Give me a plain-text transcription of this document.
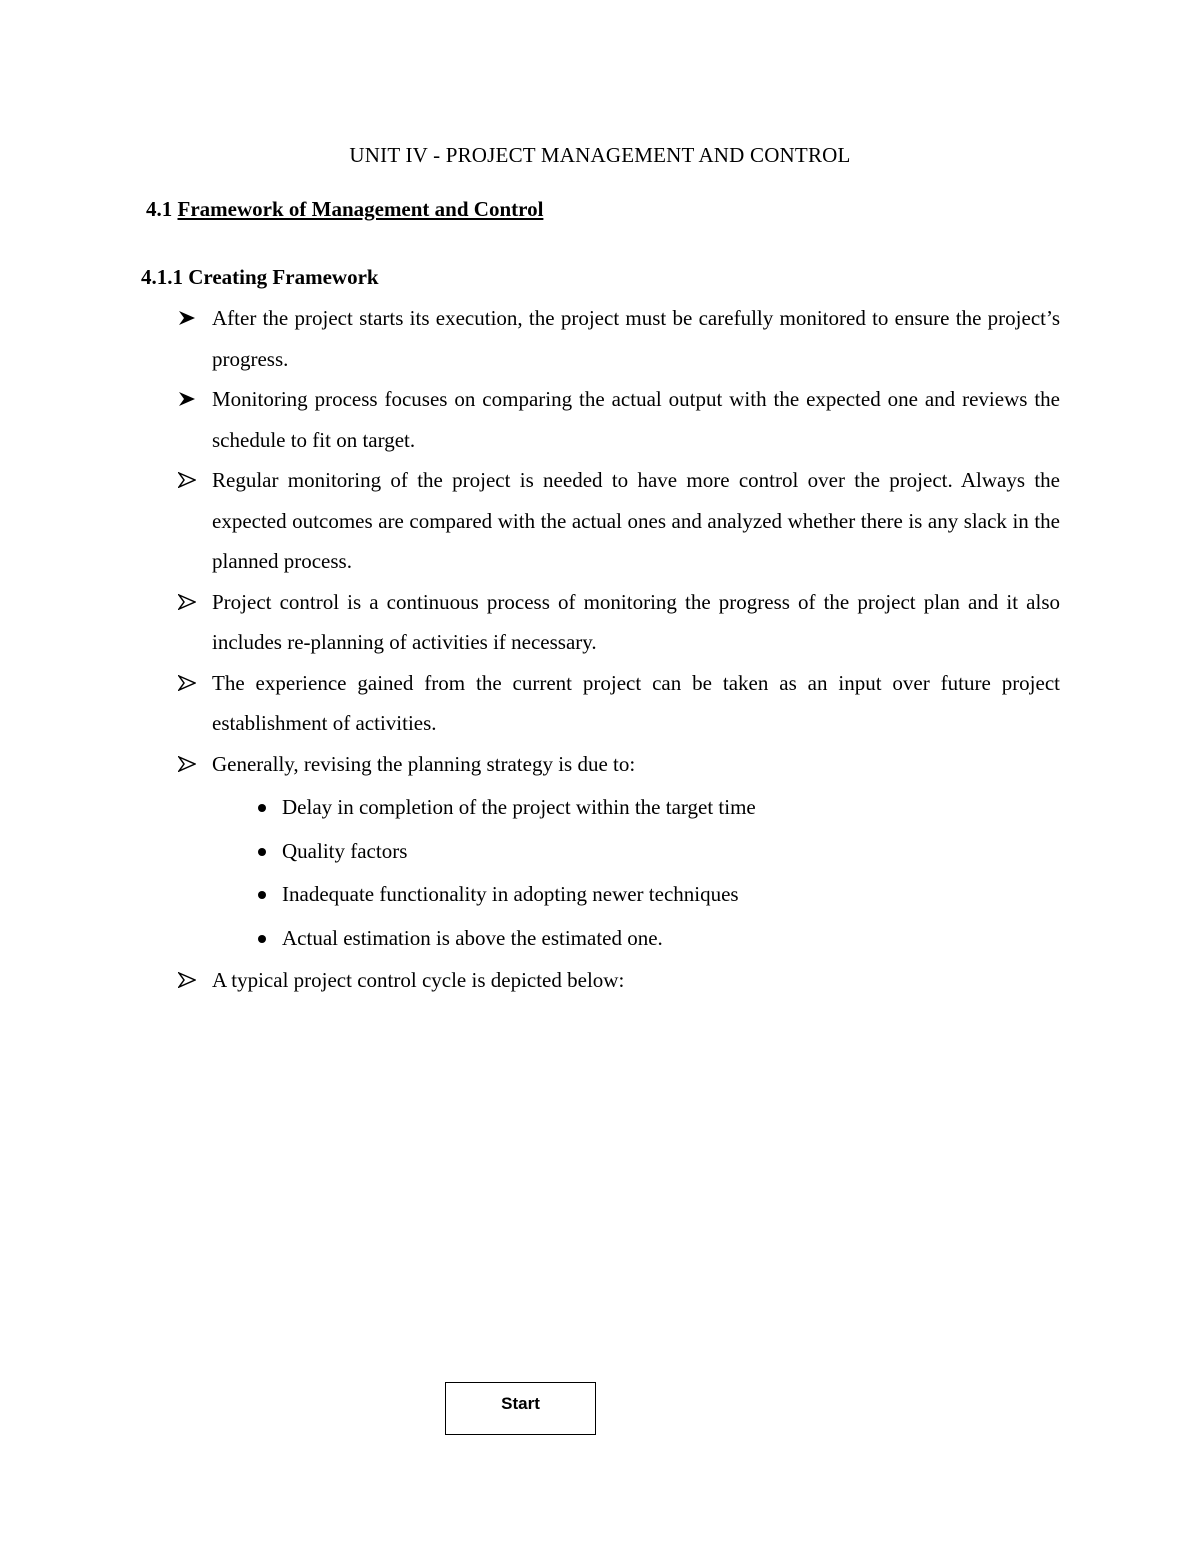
UNIT IV - PROJECT MANAGEMENT AND CONTROL
4.1 Framework of Management and Control
4.1.1 Creating Framework
After the project starts its execution, the project must be carefully monitored to ensure the project’s progress.
Monitoring process focuses on comparing the actual output with the expected one and reviews the schedule to fit on target.
Regular monitoring of the project is needed to have more control over the project. Always the expected outcomes are compared with the actual ones and analyzed whether there is any slack in the planned process.
Project control is a continuous process of monitoring the progress of the project plan and it also includes re-planning of activities if necessary.
The experience gained from the current project can be taken as an input over future project establishment of activities.
Generally, revising the planning strategy is due to:
Delay in completion of the project within the target time
Quality factors
Inadequate functionality in adopting newer techniques
Actual estimation is above the estimated one.
A typical project control cycle is depicted below:
Start
